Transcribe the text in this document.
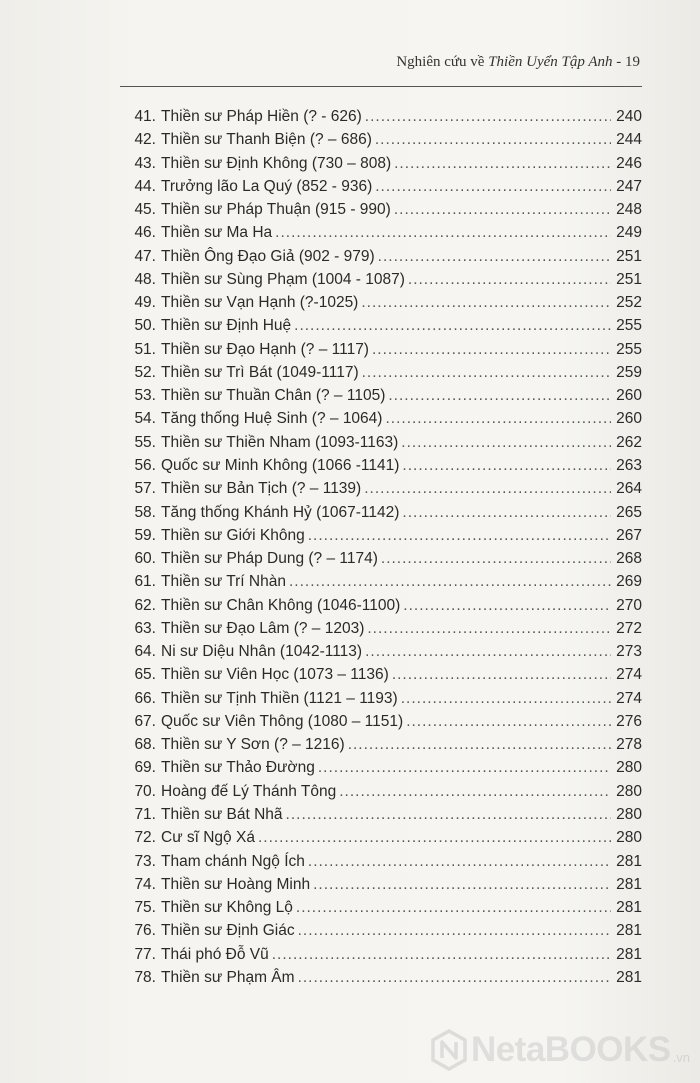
Nghiên cứu về Thiền Uyển Tập Anh - 19
41. Thiền sư Pháp Hiền (? - 626) .....	240
42. Thiền sư Thanh Biện (? – 686) .....	244
43. Thiền sư Định Không (730 – 808) .....	246
44. Trưởng lão La Quý (852 - 936) .....	247
45. Thiền sư Pháp Thuận (915 - 990) .....	248
46. Thiền sư Ma Ha .....	249
47. Thiền Ông Đạo Giả (902 - 979) .....	251
48. Thiền sư Sùng Phạm (1004 - 1087) .....	251
49. Thiền sư Vạn Hạnh (?-1025) .....	252
50. Thiền sư Định Huệ .....	255
51. Thiền sư Đạo Hạnh (? – 1117) .....	255
52. Thiền sư Trì Bát (1049-1117) .....	259
53. Thiền sư Thuần Chân (? – 1105) .....	260
54. Tăng thống Huệ Sinh (? – 1064) .....	260
55. Thiền sư Thiền Nham (1093-1163) .....	262
56. Quốc sư Minh Không (1066 -1141) .....	263
57. Thiền sư Bản Tịch (? – 1139) .....	264
58. Tăng thống Khánh Hỷ (1067-1142) .....	265
59. Thiền sư Giới Không .....	267
60. Thiền sư Pháp Dung (? – 1174) .....	268
61. Thiền sư Trí Nhàn .....	269
62. Thiền sư Chân Không (1046-1100) .....	270
63. Thiền sư Đạo Lâm (? – 1203) .....	272
64. Ni sư Diệu Nhân (1042-1113) .....	273
65. Thiền sư Viên Học (1073 – 1136) .....	274
66. Thiền sư Tịnh Thiền (1121 – 1193) .....	274
67. Quốc sư Viên Thông (1080 – 1151) .....	276
68. Thiền sư Y Sơn (? – 1216) .....	278
69. Thiền sư Thảo Đường .....	280
70. Hoàng đế Lý Thánh Tông .....	280
71. Thiền sư Bát Nhã .....	280
72. Cư sĩ Ngộ Xá .....	280
73. Tham chánh Ngộ Ích .....	281
74. Thiền sư Hoàng Minh .....	281
75. Thiền sư Không Lộ .....	281
76. Thiền sư Định Giác .....	281
77. Thái phó Đỗ Vũ .....	281
78. Thiền sư Phạm Âm .....	281
NetaBOOKS .vn
